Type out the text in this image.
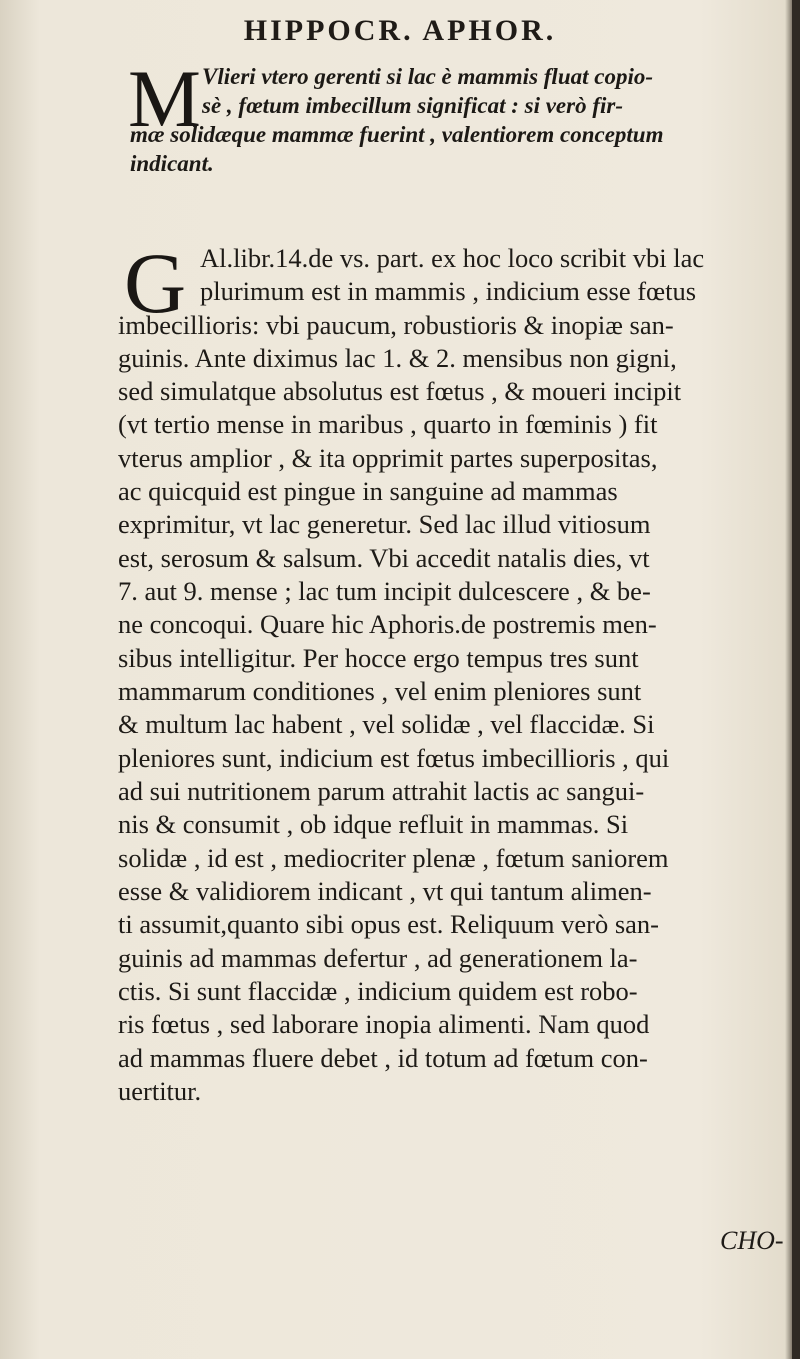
HIPPOCR. APHOR.
M Vlieri vtero gerenti si lac è mammis fluat copio-
sè , fœtum imbecillum significat : si verò fir-
mæ solidæque mammæ fuerint , valentiorem conceptum
indicant.
G Al.libr.14.de vs. part. ex hoc loco scribit vbi lac
plurimum est in mammis , indicium esse fœtus
imbecillioris: vbi paucum, robustioris & inopiæ san-
guinis. Ante diximus lac 1. & 2. mensibus non gigni,
sed simulatque absolutus est fœtus , & moueri incipit
(vt tertio mense in maribus , quarto in fœminis ) fit
vterus amplior , & ita opprimit partes superpositas,
ac quicquid est pingue in sanguine ad mammas
exprimitur, vt lac generetur. Sed lac illud vitiosum
est, serosum & salsum. Vbi accedit natalis dies, vt
7. aut 9. mense ; lac tum incipit dulcescere , & be-
ne concoqui. Quare hic Aphoris.de postremis men-
sibus intelligitur. Per hocce ergo tempus tres sunt
mammarum conditiones , vel enim pleniores sunt
& multum lac habent , vel solidæ , vel flaccidæ. Si
pleniores sunt, indicium est fœtus imbecillioris , qui
ad sui nutritionem parum attrahit lactis ac sangui-
nis & consumit , ob idque refluit in mammas. Si
solidæ , id est , mediocriter plenæ , fœtum saniorem
esse & validiorem indicant , vt qui tantum alimen-
ti assumit,quanto sibi opus est. Reliquum verò san-
guinis ad mammas defertur , ad generationem la-
ctis. Si sunt flaccidæ , indicium quidem est robo-
ris fœtus , sed laborare inopia alimenti. Nam quod
ad mammas fluere debet , id totum ad fœtum con-
uertitur.
CHO-
